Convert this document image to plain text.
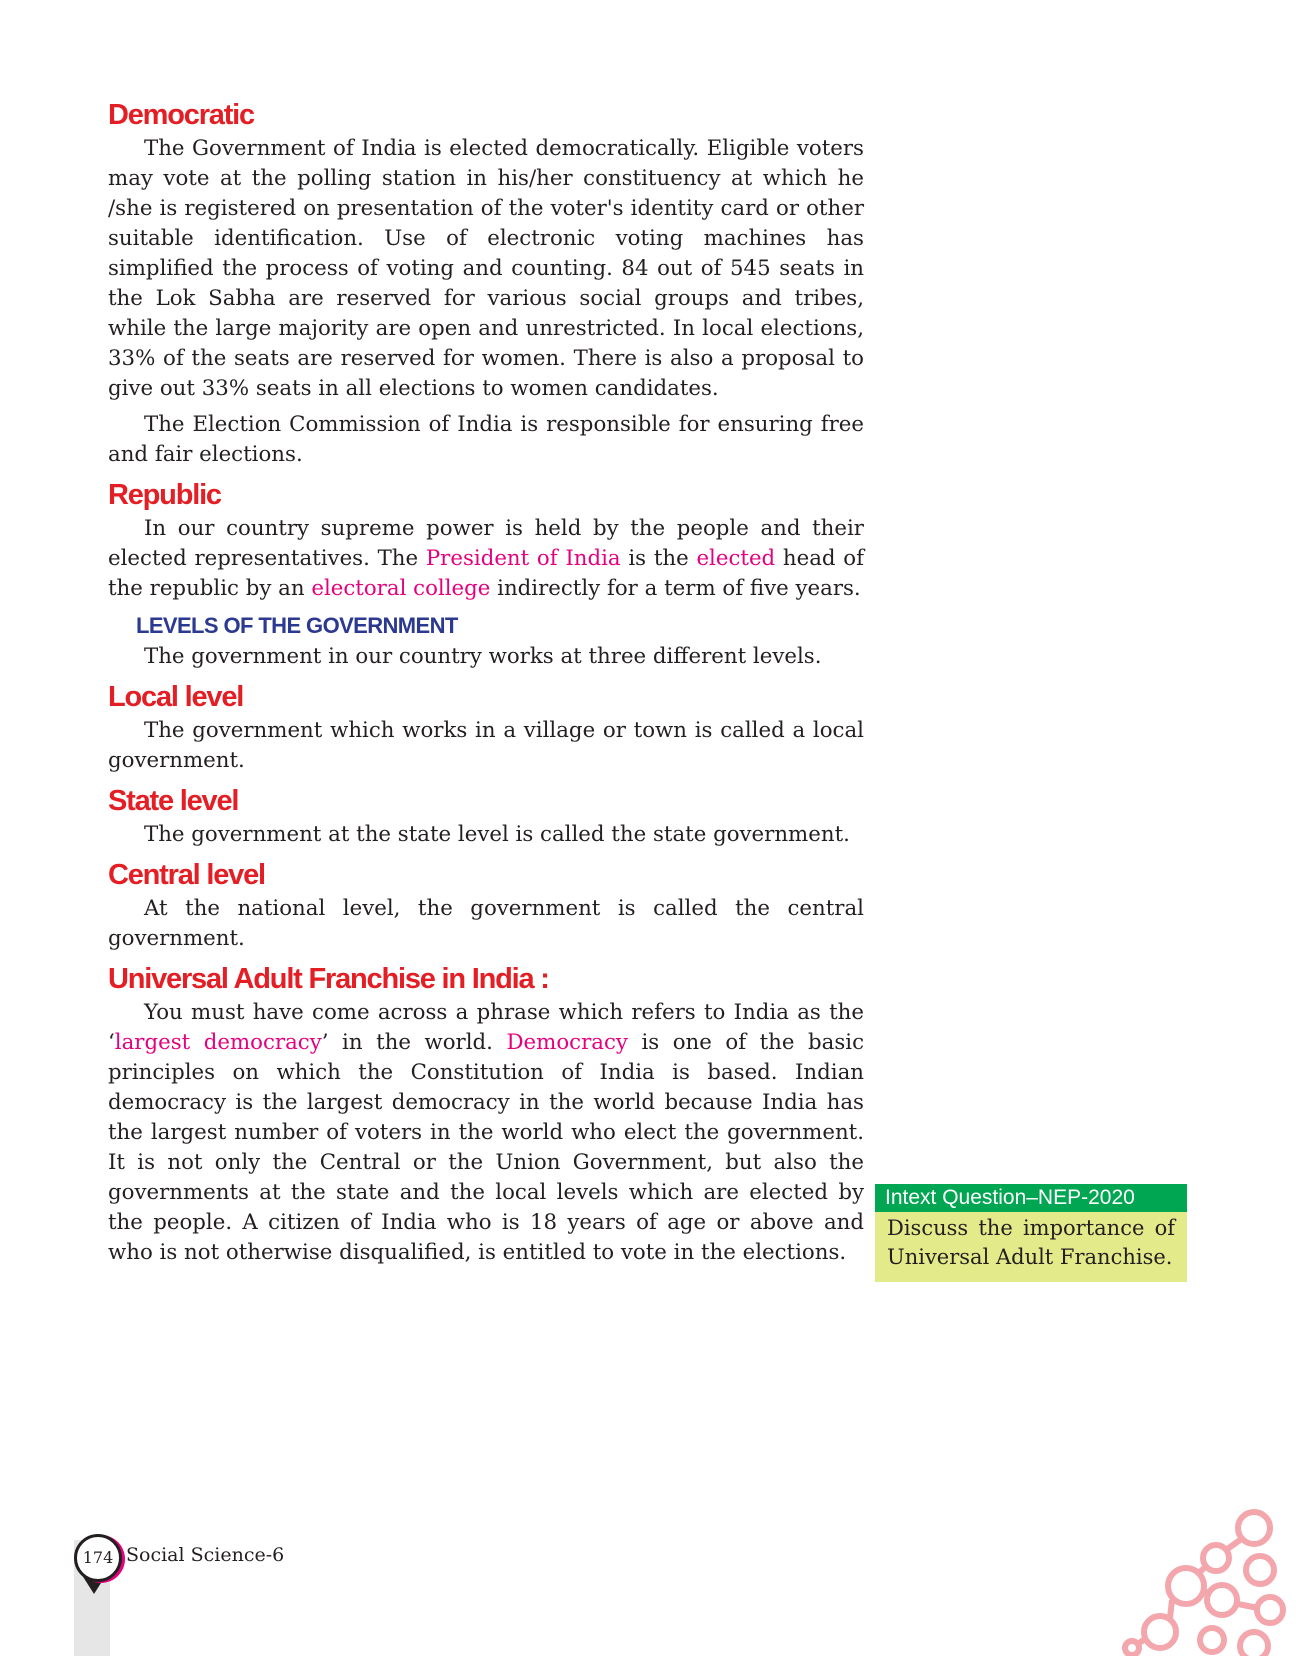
Democratic

The Government of India is elected democratically. Eligible voters may vote at the polling station in his/her constituency at which he /she is registered on presentation of the voter's identity card or other suitable identification. Use of electronic voting machines has simplified the process of voting and counting. 84 out of 545 seats in the Lok Sabha are reserved for various social groups and tribes, while the large majority are open and unrestricted. In local elections, 33% of the seats are reserved for women. There is also a proposal to give out 33% seats in all elections to women candidates.

The Election Commission of India is responsible for ensuring free and fair elections.

Republic

In our country supreme power is held by the people and their elected representatives. The President of India is the elected head of the republic by an electoral college indirectly for a term of five years.

LEVELS OF THE GOVERNMENT

The government in our country works at three different levels.

Local level

The government which works in a village or town is called a local government.

State level

The government at the state level is called the state government.

Central level

At the national level, the government is called the central government.

Universal Adult Franchise in India :

You must have come across a phrase which refers to India as the ‘largest democracy’ in the world. Democracy is one of the basic principles on which the Constitution of India is based. Indian democracy is the largest democracy in the world because India has the largest number of voters in the world who elect the government. It is not only the Central or the Union Government, but also the governments at the state and the local levels which are elected by the people. A citizen of India who is 18 years of age or above and who is not otherwise disqualified, is entitled to vote in the elections.

Intext Question–NEP-2020
Discuss the importance of Universal Adult Franchise.
174 Social Science-6
